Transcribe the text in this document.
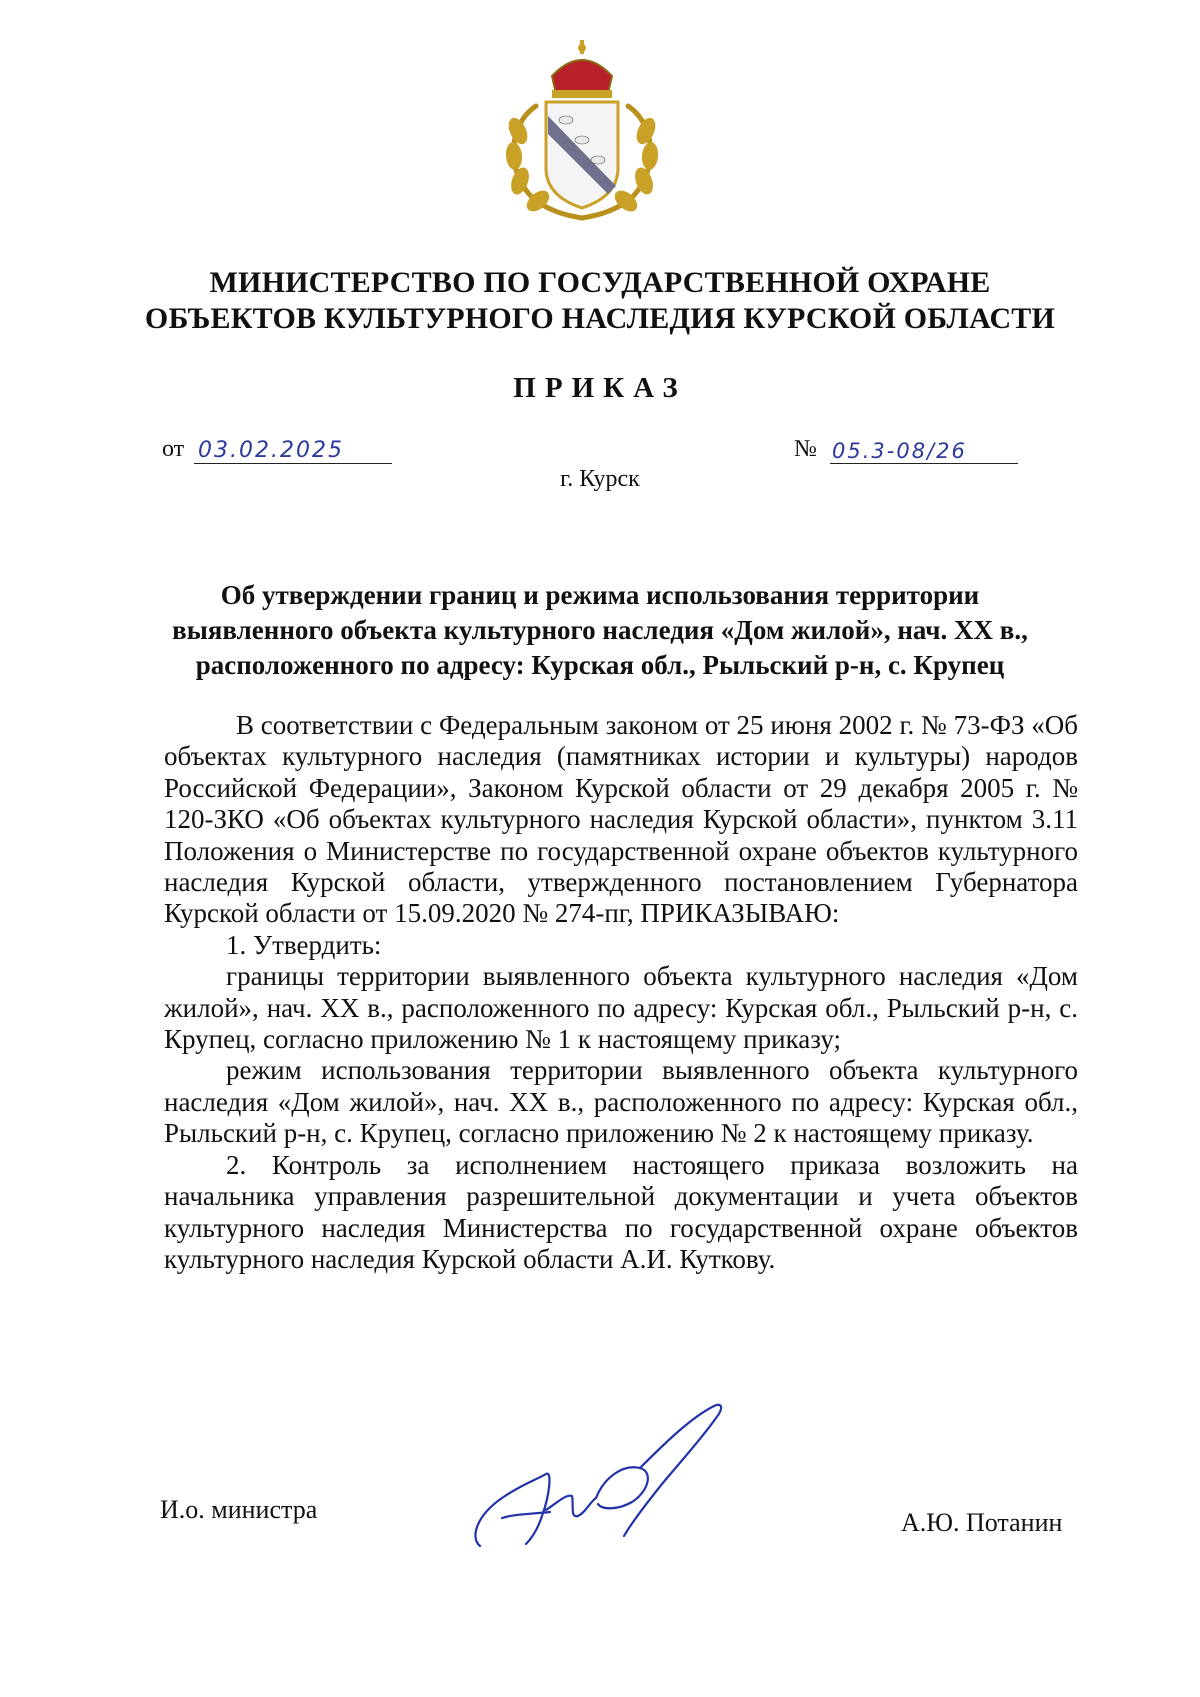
МИНИСТЕРСТВО ПО ГОСУДАРСТВЕННОЙ ОХРАНЕ
ОБЪЕКТОВ КУЛЬТУРНОГО НАСЛЕДИЯ КУРСКОЙ ОБЛАСТИ
ПРИКАЗ
от 03.02.2025	№ 05.3-08/26
г. Курск
Об утверждении границ и режима использования территории
выявленного объекта культурного наследия «Дом жилой», нач. XX в.,
расположенного по адресу: Курская обл., Рыльский р-н, с. Крупец

В соответствии с Федеральным законом от 25 июня 2002 г. № 73-ФЗ «Об объектах культурного наследия (памятниках истории и культуры) народов Российской Федерации», Законом Курской области от 29 декабря 2005 г. № 120-ЗКО «Об объектах культурного наследия Курской области», пунктом 3.11 Положения о Министерстве по государственной охране объектов культурного наследия Курской области, утвержденного постановлением Губернатора Курской области от 15.09.2020 № 274-пг, ПРИКАЗЫВАЮ:

1. Утвердить:

границы территории выявленного объекта культурного наследия «Дом жилой», нач. XX в., расположенного по адресу: Курская обл., Рыльский р-н, с. Крупец, согласно приложению № 1 к настоящему приказу;

режим использования территории выявленного объекта культурного наследия «Дом жилой», нач. XX в., расположенного по адресу: Курская обл., Рыльский р-н, с. Крупец, согласно приложению № 2 к настоящему приказу.

2. Контроль за исполнением настоящего приказа возложить на начальника управления разрешительной документации и учета объектов культурного наследия Министерства по государственной охране объектов культурного наследия Курской области А.И. Куткову.

И.о. министра	А.Ю. Потанин
